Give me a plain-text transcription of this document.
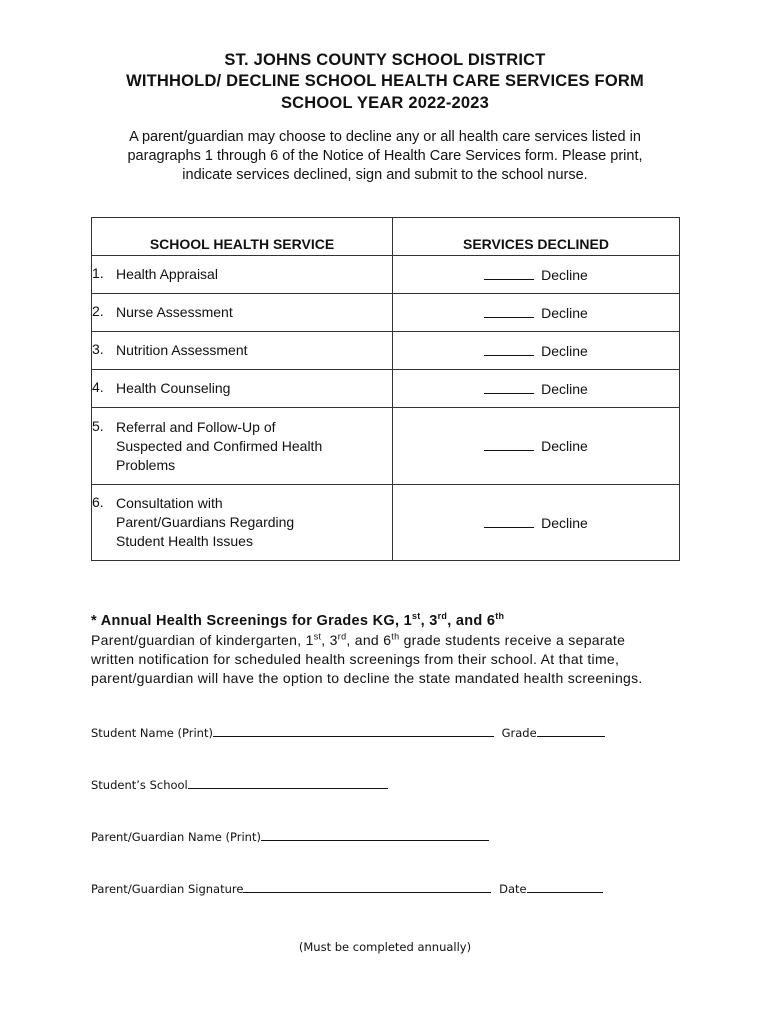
ST. JOHNS COUNTY SCHOOL DISTRICT
WITHHOLD/ DECLINE SCHOOL HEALTH CARE SERVICES FORM
SCHOOL YEAR 2022-2023
A parent/guardian may choose to decline any or all health care services listed in
paragraphs 1 through 6 of the Notice of Health Care Services form. Please print,
indicate services declined, sign and submit to the school nurse.
SCHOOL HEALTH SERVICE	SERVICES DECLINED

1. Health Appraisal	Decline

2. Nurse Assessment	Decline

3. Nutrition Assessment	Decline

4. Health Counseling	Decline

5. Referral and Follow-Up of
Suspected and Confirmed Health
Problems	Decline

6. Consultation with
Parent/Guardians Regarding
Student Health Issues	Decline
* Annual Health Screenings for Grades KG, 1st, 3rd, and 6th
Parent/guardian of kindergarten, 1st, 3rd, and 6th grade students receive a separate
written notification for scheduled health screenings from their school. At that time,
parent/guardian will have the option to decline the state mandated health screenings.
Student Name (Print)	Grade
Student’s School
Parent/Guardian Name (Print)
Parent/Guardian Signature	Date
(Must be completed annually)
